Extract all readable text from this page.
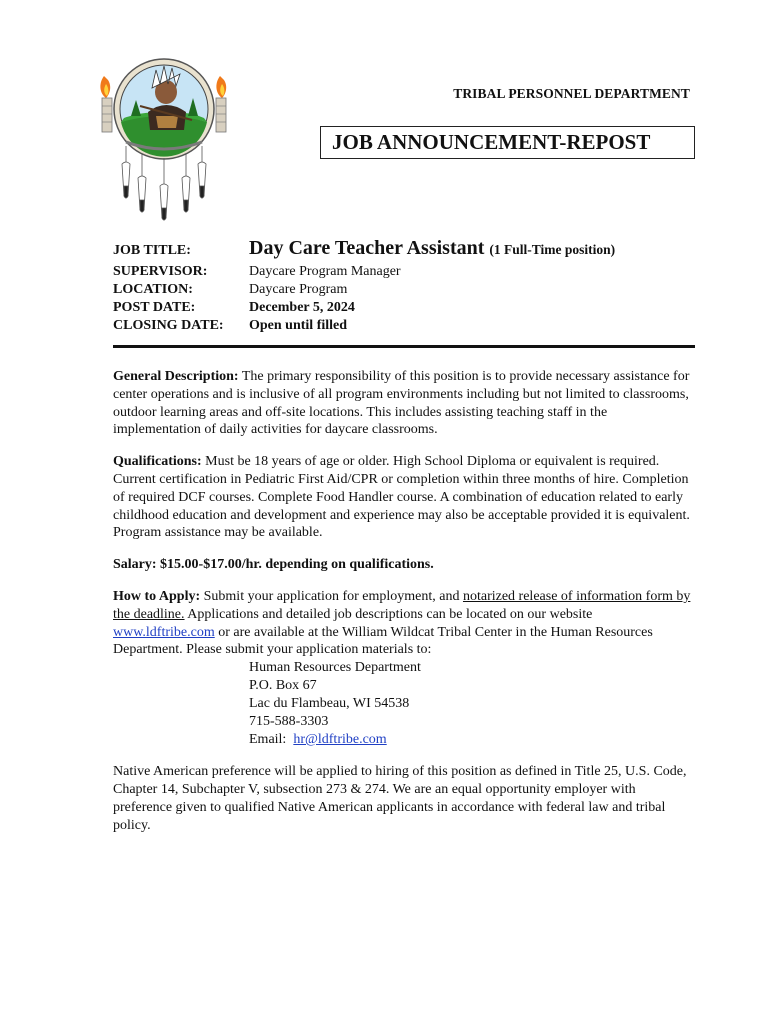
TRIBAL PERSONNEL DEPARTMENT
JOB ANNOUNCEMENT-REPOST
JOB TITLE:	Day Care Teacher Assistant (1 Full-Time position)
SUPERVISOR:	Daycare Program Manager
LOCATION:	Daycare Program
POST DATE:	December 5, 2024
CLOSING DATE:	Open until filled

General Description: The primary responsibility of this position is to provide necessary assistance for center operations and is inclusive of all program environments including but not limited to classrooms, outdoor learning areas and off-site locations. This includes assisting teaching staff in the implementation of daily activities for daycare classrooms.

Qualifications: Must be 18 years of age or older. High School Diploma or equivalent is required. Current certification in Pediatric First Aid/CPR or completion within three months of hire. Completion of required DCF courses. Complete Food Handler course. A combination of education related to early childhood education and development and experience may also be acceptable provided it is equivalent. Program assistance may be available.

Salary: $15.00-$17.00/hr. depending on qualifications.

How to Apply: Submit your application for employment, and notarized release of information form by the deadline. Applications and detailed job descriptions can be located on our website www.ldftribe.com or are available at the William Wildcat Tribal Center in the Human Resources Department. Please submit your application materials to:

Human Resources Department
P.O. Box 67
Lac du Flambeau, WI 54538
715-588-3303
Email:  hr@ldftribe.com

Native American preference will be applied to hiring of this position as defined in Title 25, U.S. Code, Chapter 14, Subchapter V, subsection 273 & 274. We are an equal opportunity employer with preference given to qualified Native American applicants in accordance with federal law and tribal policy.
